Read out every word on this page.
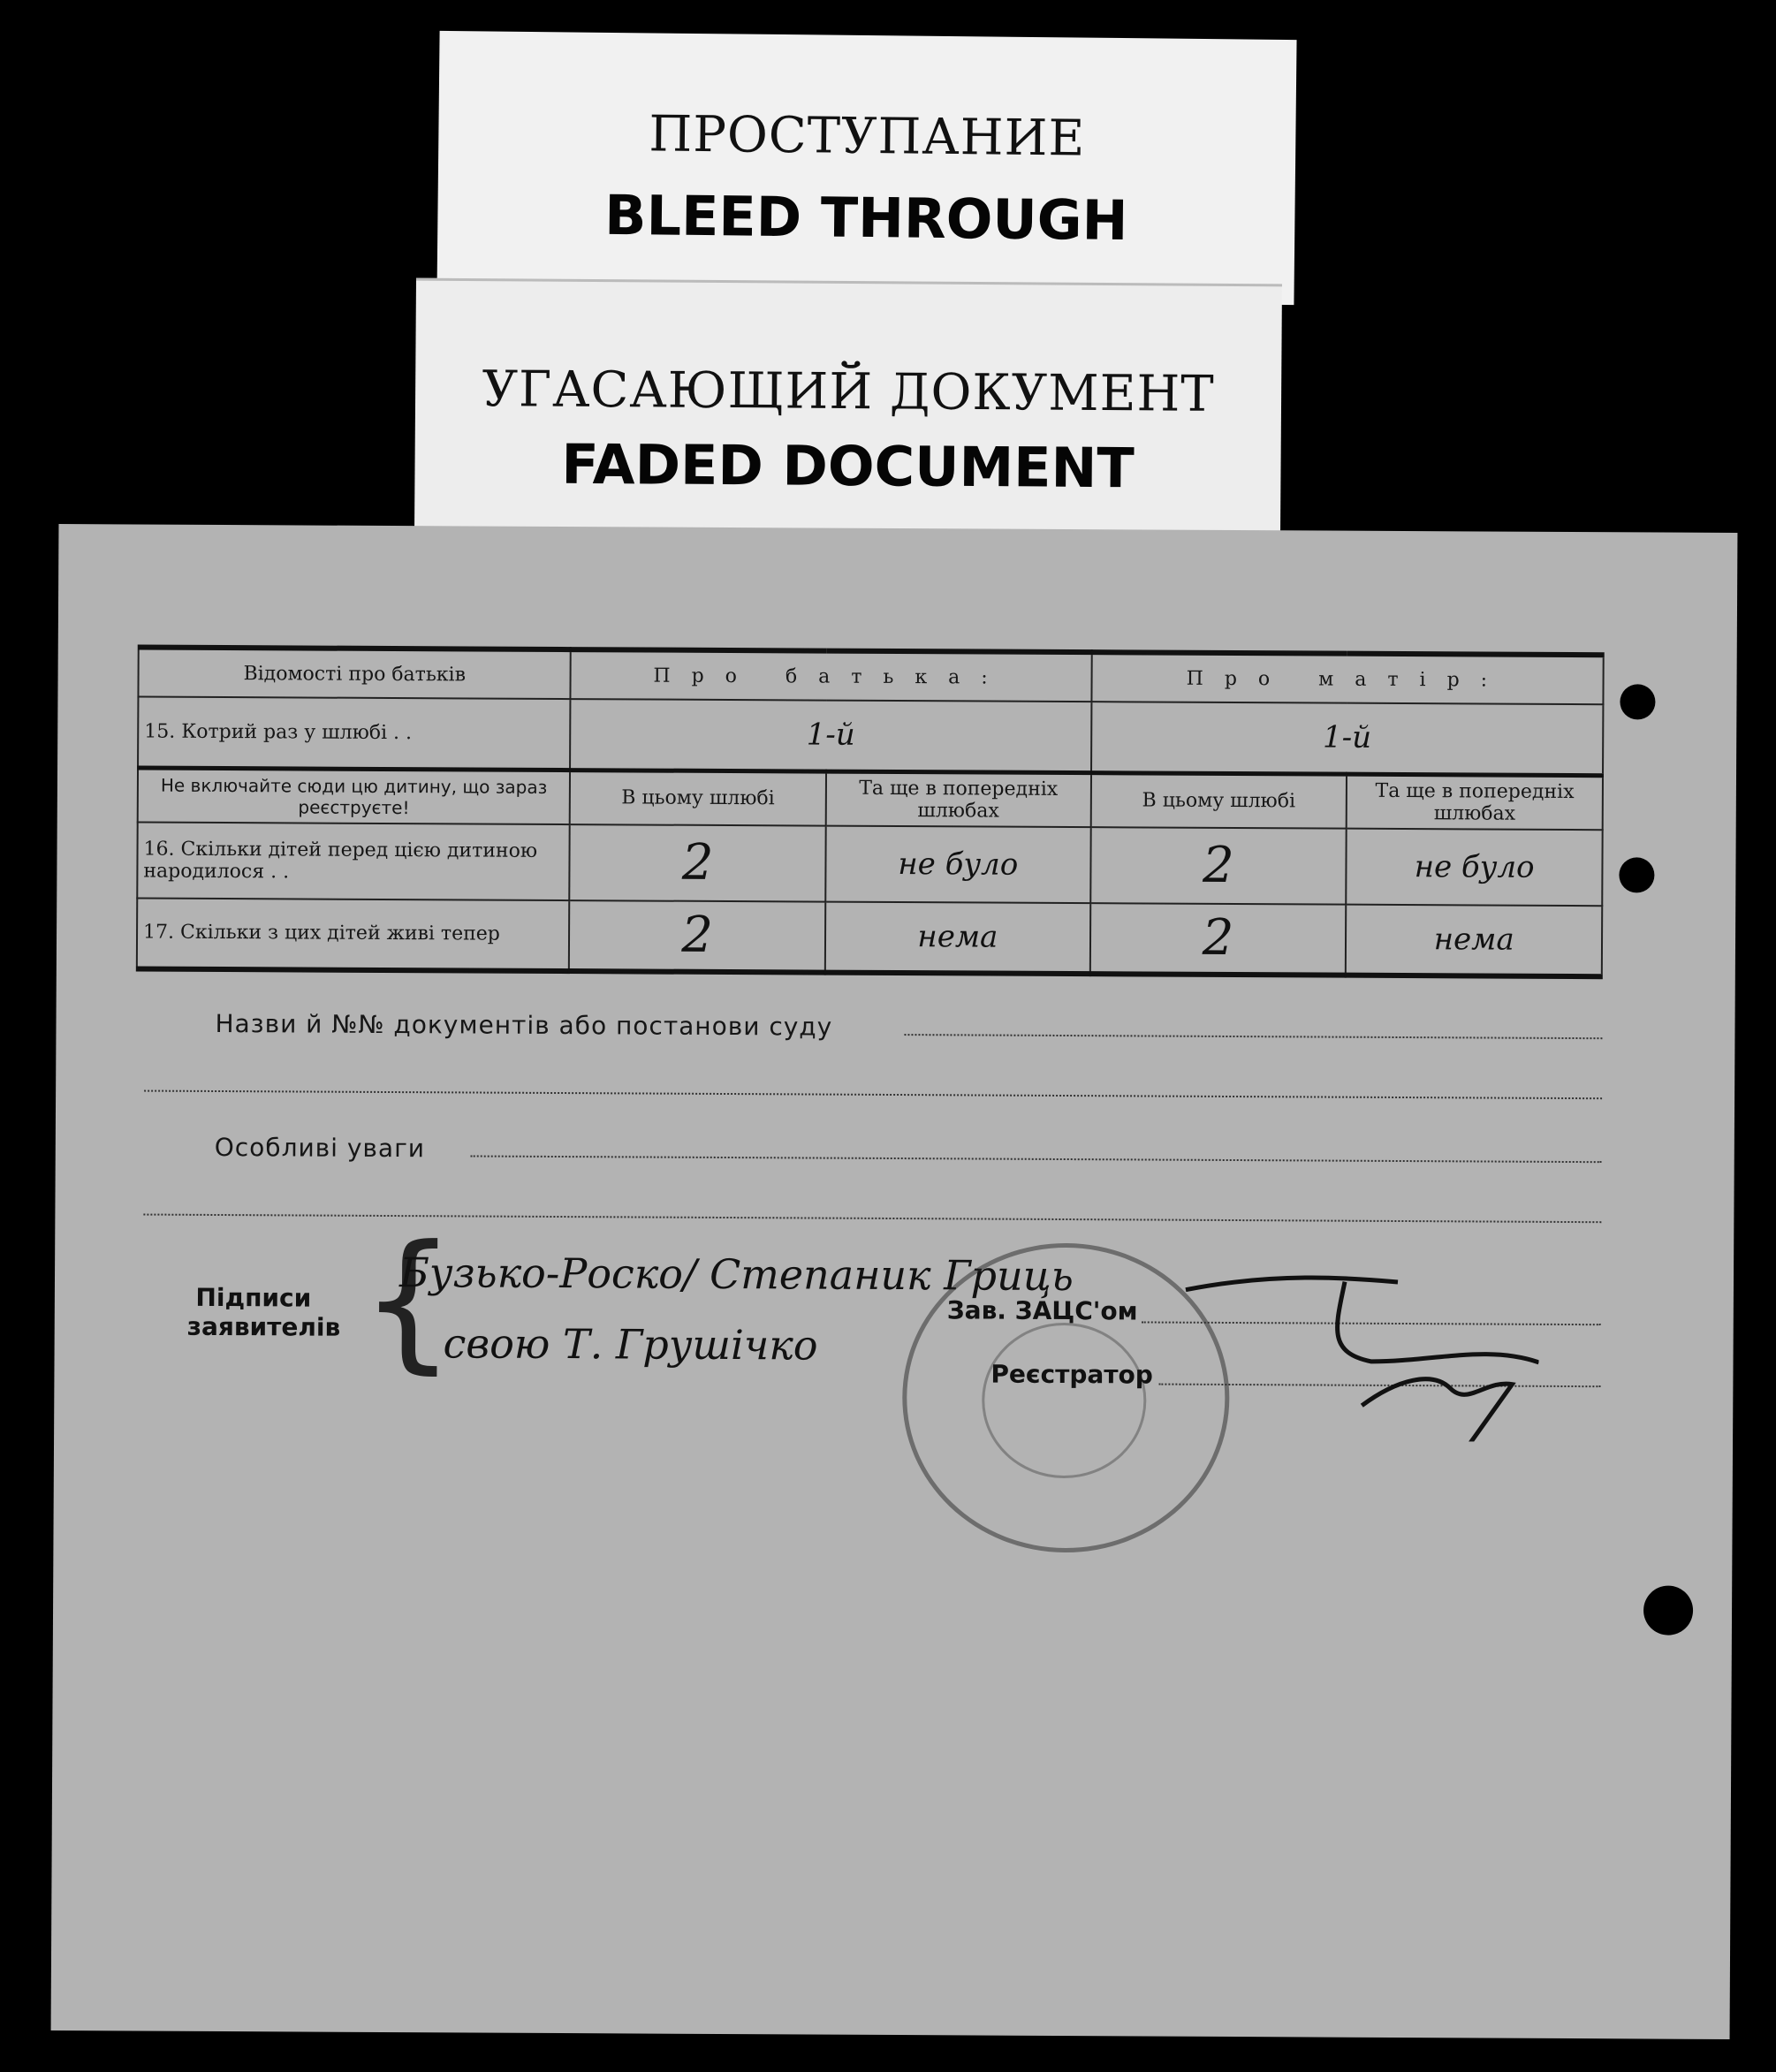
ПРОСТУПАНИЕ
BLEED THROUGH
УГАСАЮЩИЙ ДОКУМЕНТ
FADED DOCUMENT
Відомості про батьків	Про батька:		Про матір:	
15. Котрий раз у шлюбі . .	1-й		1-й	
Не включайте сюди цю дитину, що зараз реєструєте!	В цьому шлюбі	Та ще в попередніх шлюбах	В цьому шлюбі	Та ще в попередніх шлюбах
16. Скільки дітей перед цією дитиною народилося . .	2	не було	2	не було
17. Скільки з цих дітей живі тепер	2	нема	2	нема
Назви й №№ документів або постанови суду
Особливі уваги
Підписи заявителів {
Бузько-Роско/ Степаник Гриць
свою Т. Грушічко
Зав. ЗАЦС'ом
Реєстратор
